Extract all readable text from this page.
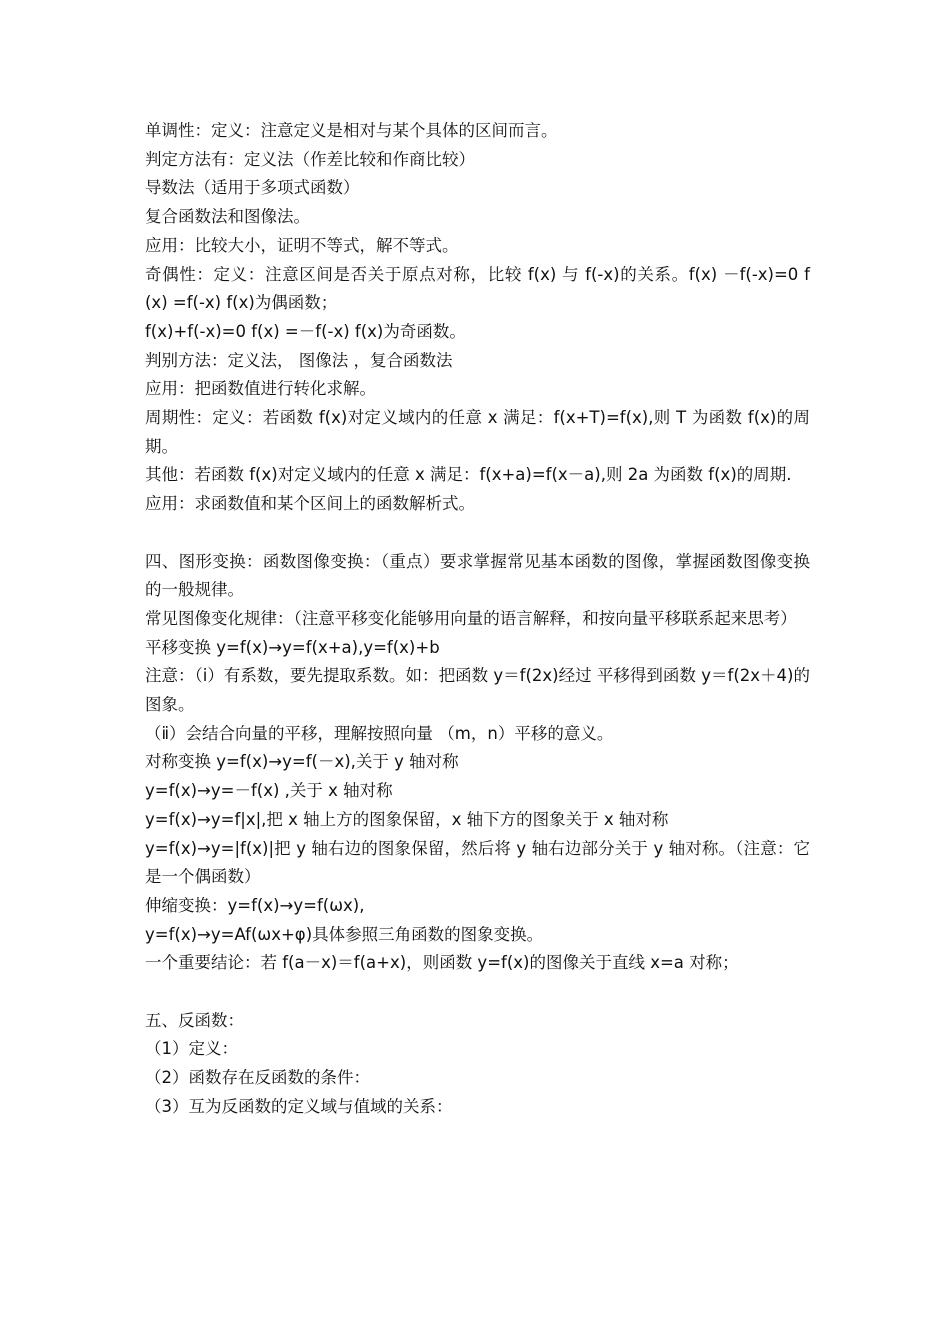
单调性：定义：注意定义是相对与某个具体的区间而言。
判定方法有：定义法（作差比较和作商比较）
导数法（适用于多项式函数）
复合函数法和图像法。
应用：比较大小，证明不等式，解不等式。
奇偶性：定义：注意区间是否关于原点对称，比较 f(x) 与 f(-x)的关系。f(x) －f(-x)=0 f(x) =f(-x) f(x)为偶函数；
f(x)+f(-x)=0 f(x) =－f(-x) f(x)为奇函数。
判别方法：定义法， 图像法 ，复合函数法
应用：把函数值进行转化求解。
周期性：定义：若函数 f(x)对定义域内的任意 x 满足：f(x+T)=f(x),则 T 为函数 f(x)的周期。
其他：若函数 f(x)对定义域内的任意 x 满足：f(x+a)=f(x－a),则 2a 为函数 f(x)的周期.
应用：求函数值和某个区间上的函数解析式。
四、图形变换：函数图像变换：（重点）要求掌握常见基本函数的图像，掌握函数图像变换的一般规律。
常见图像变化规律：（注意平移变化能够用向量的语言解释，和按向量平移联系起来思考）
平移变换 y=f(x)→y=f(x+a),y=f(x)+b
注意：（ⅰ）有系数，要先提取系数。如：把函数 y＝f(2x)经过 平移得到函数 y＝f(2x＋4)的图象。
（ⅱ）会结合向量的平移，理解按照向量 （m，n）平移的意义。
对称变换 y=f(x)→y=f(－x),关于 y 轴对称
y=f(x)→y=－f(x) ,关于 x 轴对称
y=f(x)→y=f|x|,把 x 轴上方的图象保留，x 轴下方的图象关于 x 轴对称
y=f(x)→y=|f(x)|把 y 轴右边的图象保留，然后将 y 轴右边部分关于 y 轴对称。（注意：它是一个偶函数）
伸缩变换：y=f(x)→y=f(ωx),
y=f(x)→y=Af(ωx+φ)具体参照三角函数的图象变换。
一个重要结论：若 f(a－x)＝f(a+x)，则函数 y=f(x)的图像关于直线 x=a 对称；
五、反函数：
（1）定义：
（2）函数存在反函数的条件：
（3）互为反函数的定义域与值域的关系：
